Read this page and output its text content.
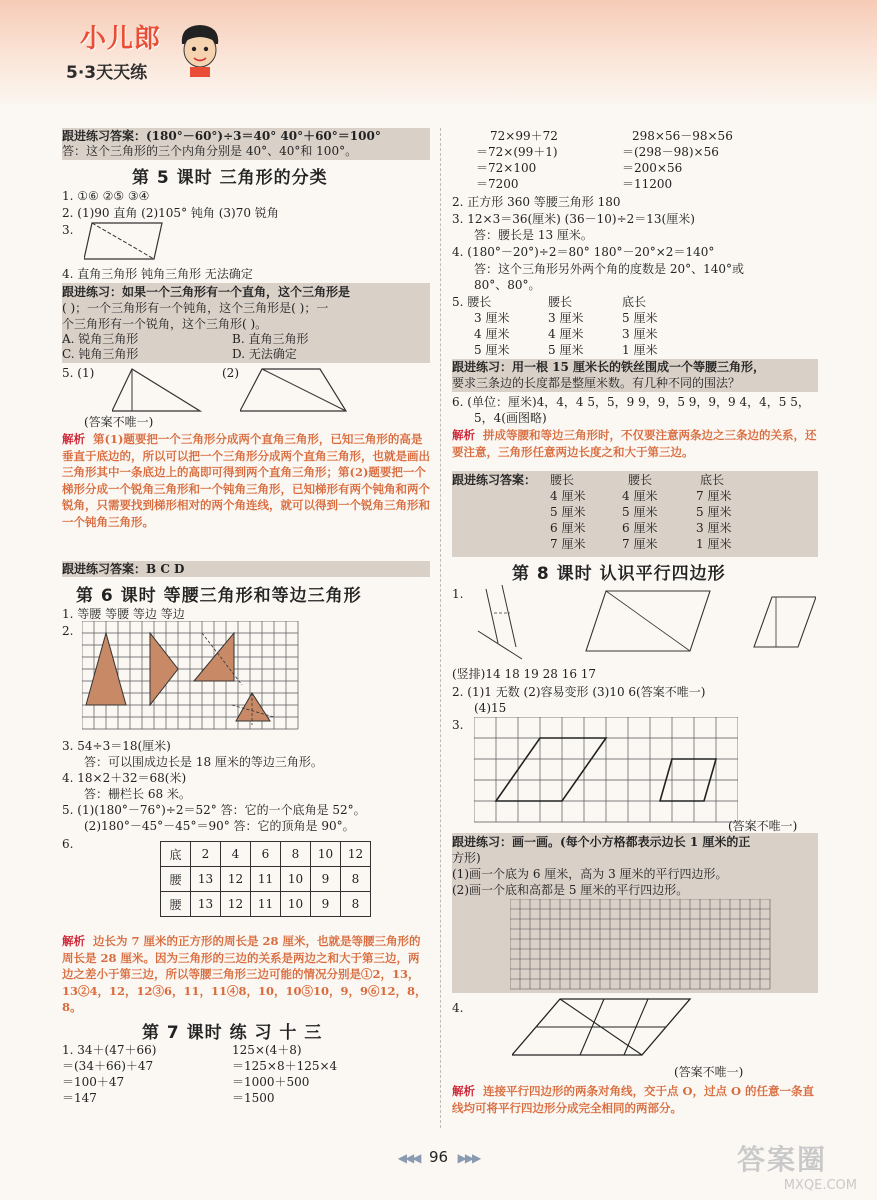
小儿郎
5·3天天练
跟进练习答案：(180°－60°)÷3＝40° 40°＋60°＝100°
答：这个三角形的三个内角分别是 40°、40°和 100°。
第 5 课时 三角形的分类
1. ①⑥ ②⑤ ③④
2. (1)90 直角 (2)105° 钝角 (3)70 锐角
3.
4. 直角三角形 钝角三角形 无法确定
跟进练习：如果一个三角形有一个直角，这个三角形是
( )；一个三角形有一个钝角，这个三角形是( )；一
个三角形有一个锐角，这个三角形( )。
A. 锐角三角形	B. 直角三角形
C. 钝角三角形	D. 无法确定
5. (1)	(2)
(答案不唯一)
解析 第(1)题要把一个三角形分成两个直角三角形，已知三角形的高是垂直于底边的，所以可以把一个三角形分成两个直角三角形，也就是画出三角形其中一条底边上的高即可得到两个直角三角形；第(2)题要把一个梯形分成一个锐角三角形和一个钝角三角形，已知梯形有两个钝角和两个锐角，只需要找到梯形相对的两个角连线，就可以得到一个锐角三角形和一个钝角三角形。
跟进练习答案：B C D
第 6 课时 等腰三角形和等边三角形
1. 等腰 等腰 等边 等边
2.
3. 54÷3＝18(厘米)
答：可以围成边长是 18 厘米的等边三角形。
4. 18×2＋32＝68(米)
答：栅栏长 68 米。
5. (1)(180°－76°)÷2＝52° 答：它的一个底角是 52°。
(2)180°－45°－45°＝90° 答：它的顶角是 90°。
6.
底	2	4	6	8	10	12
腰	13	12	11	10	9	8
腰	13	12	11	10	9	8
解析 边长为 7 厘米的正方形的周长是 28 厘米，也就是等腰三角形的周长是 28 厘米。因为三角形的三边的关系是两边之和大于第三边，两边之差小于第三边，所以等腰三角形三边可能的情况分别是①2，13，13②4，12，12③6，11，11④8，10，10⑤10，9，9⑥12，8，8。
第 7 课时 练 习 十 三
1. 34＋(47＋66)
＝(34＋66)＋47
＝100＋47
＝147
125×(4＋8)
＝125×8＋125×4
＝1000＋500
＝1500
72×99＋72
＝72×(99＋1)
＝72×100
＝7200
298×56－98×56
＝(298－98)×56
＝200×56
＝11200
2. 正方形 360 等腰三角形 180
3. 12×3＝36(厘米) (36－10)÷2＝13(厘米)
答：腰长是 13 厘米。
4. (180°－20°)÷2＝80° 180°－20°×2＝140°
答：这个三角形另外两个角的度数是 20°、140°或
80°、80°。
5. 腰长	腰长	底长
3 厘米	3 厘米	5 厘米
4 厘米	4 厘米	3 厘米
5 厘米	5 厘米	1 厘米
跟进练习：用一根 15 厘米长的铁丝围成一个等腰三角形，
要求三条边的长度都是整厘米数。有几种不同的围法？
6. (单位：厘米)4，4，4 5，5，9 9，9，5 9，9，9 4，4，5 5，
5，4(画图略)
解析 拼成等腰和等边三角形时，不仅要注意两条边之三条边的关系，还要注意，三角形任意两边长度之和大于第三边。
跟进练习答案： 腰长	腰长	底长
4 厘米	4 厘米	7 厘米
5 厘米	5 厘米	5 厘米
6 厘米	6 厘米	3 厘米
7 厘米	7 厘米	1 厘米
第 8 课时 认识平行四边形
1.
(竖排)14 18 19 28 16 17
2. (1)1 无数 (2)容易变形 (3)10 6(答案不唯一)
(4)15
3.
(答案不唯一)
跟进练习：画一画。(每个小方格都表示边长 1 厘米的正
方形)
(1)画一个底为 6 厘米，高为 3 厘米的平行四边形。
(2)画一个底和高都是 5 厘米的平行四边形。
4.
(答案不唯一)
解析 连接平行四边形的两条对角线，交于点 O，过点 O 的任意一条直线均可将平行四边形分成完全相同的两部分。
◀◀◀ 96 ▶▶▶	答案圈
MXQE.COM
